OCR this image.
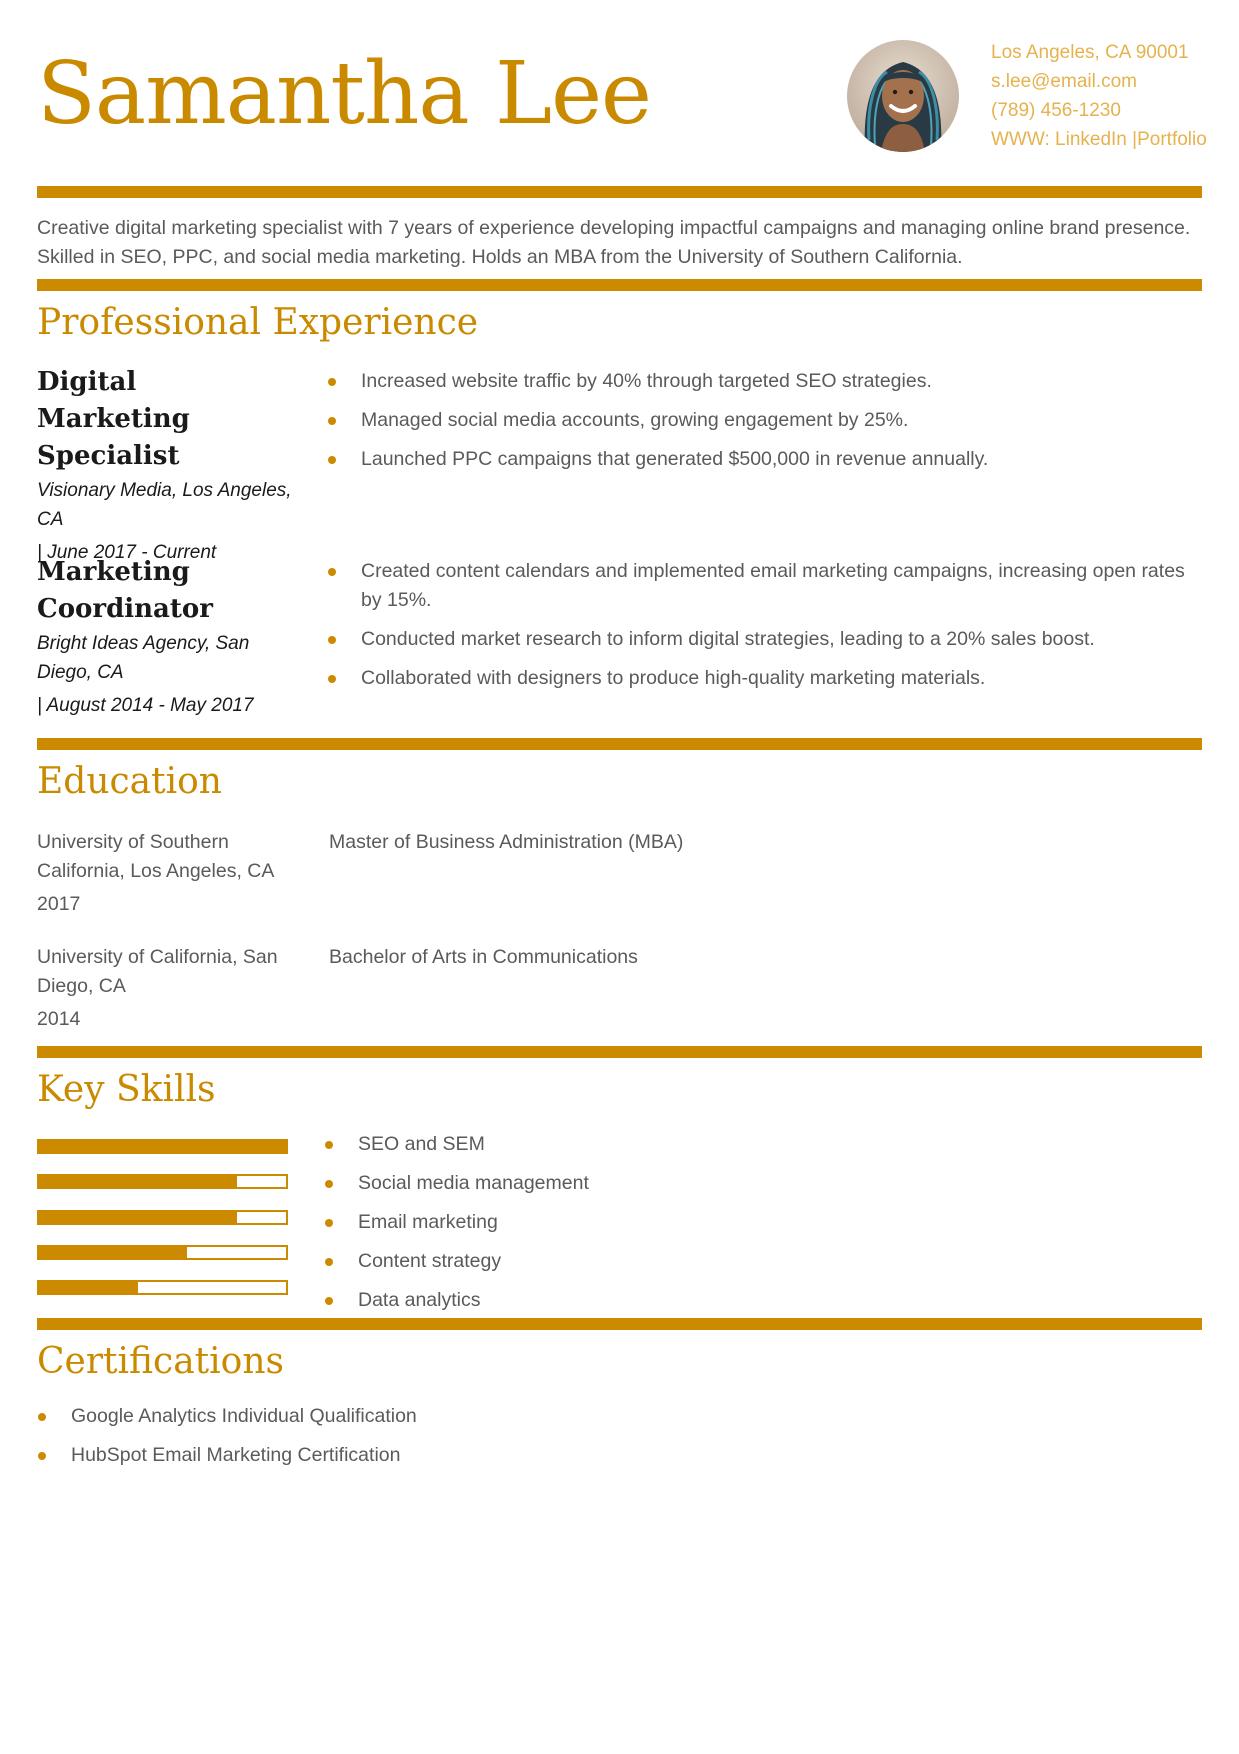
Samantha Lee	Los Angeles, CA 90001
s.lee@email.com
(789) 456-1230
WWW: LinkedIn |Portfolio

Creative digital marketing specialist with 7 years of experience developing impactful campaigns and managing online brand presence. Skilled in SEO, PPC, and social media marketing. Holds an MBA from the University of Southern California.

Professional Experience
Digital Marketing Specialist
Visionary Media, Los Angeles, CA
| June 2017 - Current
Increased website traffic by 40% through targeted SEO strategies.
Managed social media accounts, growing engagement by 25%.
Launched PPC campaigns that generated $500,000 in revenue annually.
Marketing Coordinator
Bright Ideas Agency, San Diego, CA
| August 2014 - May 2017
Created content calendars and implemented email marketing campaigns, increasing open rates by 15%.
Conducted market research to inform digital strategies, leading to a 20% sales boost.
Collaborated with designers to produce high-quality marketing materials.
Education
University of Southern California, Los Angeles, CA
2017
Master of Business Administration (MBA)
University of California, San Diego, CA
2014
Bachelor of Arts in Communications
Key Skills
SEO and SEM
Social media management
Email marketing
Content strategy
Data analytics
Certifications
Google Analytics Individual Qualification
HubSpot Email Marketing Certification
